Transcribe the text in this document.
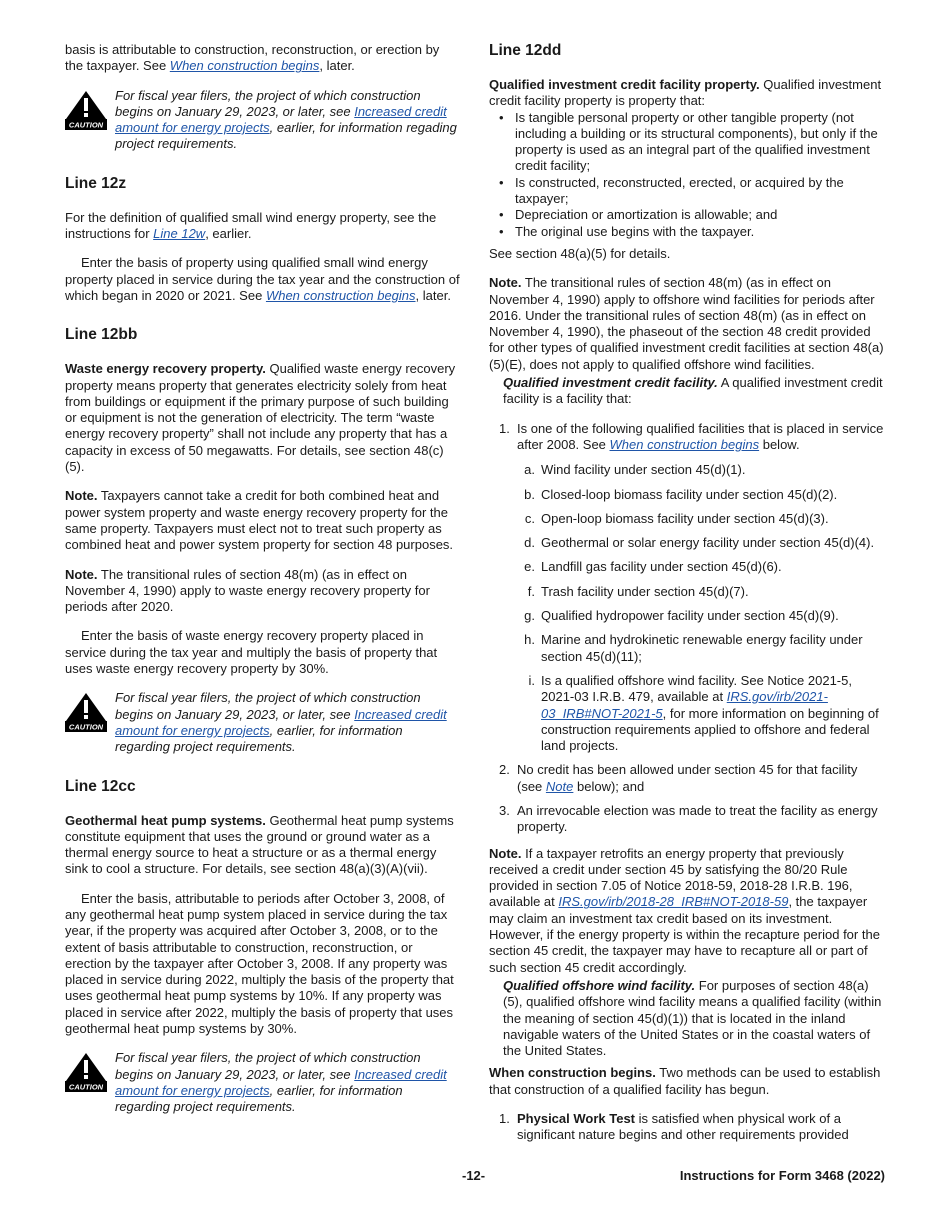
basis is attributable to construction, reconstruction, or erection by the taxpayer. See When construction begins, later.

CAUTION
For fiscal year filers, the project of which construction begins on January 29, 2023, or later, see Increased credit amount for energy projects, earlier, for information regading project requirements.
Line 12z

For the definition of qualified small wind energy property, see the instructions for Line 12w, earlier.

Enter the basis of property using qualified small wind energy property placed in service during the tax year and the construction of which began in 2020 or 2021. See When construction begins, later.

Line 12bb

Waste energy recovery property. Qualified waste energy recovery property means property that generates electricity solely from heat from buildings or equipment if the primary purpose of such building or equipment is not the generation of electricity. The term “waste energy recovery property” shall not include any property that has a capacity in excess of 50 megawatts. For details, see section 48(c)(5).

Note. Taxpayers cannot take a credit for both combined heat and power system property and waste energy recovery property for the same property. Taxpayers must elect not to treat such property as combined heat and power system property for section 48 purposes.

Note. The transitional rules of section 48(m) (as in effect on November 4, 1990) apply to waste energy recovery property for periods after 2020.

Enter the basis of waste energy recovery property placed in service during the tax year and multiply the basis of property that uses waste energy recovery property by 30%.

CAUTION
For fiscal year filers, the project of which construction begins on January 29, 2023, or later, see Increased credit amount for energy projects, earlier, for information regarding project requirements.
Line 12cc

Geothermal heat pump systems. Geothermal heat pump systems constitute equipment that uses the ground or ground water as a thermal energy source to heat a structure or as a thermal energy sink to cool a structure. For details, see section 48(a)(3)(A)(vii).

Enter the basis, attributable to periods after October 3, 2008, of any geothermal heat pump system placed in service during the tax year, if the property was acquired after October 3, 2008, or to the extent of basis attributable to construction, reconstruction, or erection by the taxpayer after October 3, 2008. If any property was placed in service during 2022, multiply the basis of the property that uses geothermal heat pump systems by 10%. If any property was placed in service after 2022, multiply the basis of property that uses geothermal heat pump systems by 30%.

CAUTION
For fiscal year filers, the project of which construction begins on January 29, 2023, or later, see Increased credit amount for energy projects, earlier, for information regarding project requirements.
Line 12dd

Qualified investment credit facility property. Qualified investment credit facility property is property that:

• Is tangible personal property or other tangible property (not including a building or its structural components), but only if the property is used as an integral part of the qualified investment credit facility;
• Is constructed, reconstructed, erected, or acquired by the taxpayer;
• Depreciation or amortization is allowable; and
• The original use begins with the taxpayer.

See section 48(a)(5) for details.

Note. The transitional rules of section 48(m) (as in effect on November 4, 1990) apply to offshore wind facilities for periods after 2016. Under the transitional rules of section 48(m) (as in effect on November 4, 1990), the phaseout of the section 48 credit provided for other types of qualified investment credit facilities at section 48(a)(5)(E), does not apply to qualified offshore wind facilities.

Qualified investment credit facility. A qualified investment credit facility is a facility that:

1. Is one of the following qualified facilities that is placed in service after 2008. See When construction begins below.
a. Wind facility under section 45(d)(1).
b. Closed-loop biomass facility under section 45(d)(2).
c. Open-loop biomass facility under section 45(d)(3).
d. Geothermal or solar energy facility under section 45(d)(4).
e. Landfill gas facility under section 45(d)(6).
f. Trash facility under section 45(d)(7).
g. Qualified hydropower facility under section 45(d)(9).
h. Marine and hydrokinetic renewable energy facility under section 45(d)(11);
i. Is a qualified offshore wind facility. See Notice 2021-5, 2021-03 I.R.B. 479, available at IRS.gov/irb/2021-03_IRB#NOT-2021-5, for more information on beginning of construction requirements applied to offshore and federal land projects.
2. No credit has been allowed under section 45 for that facility (see Note below); and
3. An irrevocable election was made to treat the facility as energy property.

Note. If a taxpayer retrofits an energy property that previously received a credit under section 45 by satisfying the 80/20 Rule provided in section 7.05 of Notice 2018-59, 2018-28 I.R.B. 196, available at IRS.gov/irb/2018-28_IRB#NOT-2018-59, the taxpayer may claim an investment tax credit based on its investment. However, if the energy property is within the recapture period for the section 45 credit, the taxpayer may have to recapture all or part of such section 45 credit accordingly.

Qualified offshore wind facility. For purposes of section 48(a)(5), qualified offshore wind facility means a qualified facility (within the meaning of section 45(d)(1)) that is located in the inland navigable waters of the United States or in the coastal waters of the United States.

When construction begins. Two methods can be used to establish that construction of a qualified facility has begun.

1. Physical Work Test is satisfied when physical work of a significant nature begins and other requirements provided
-12-	Instructions for Form 3468 (2022)
